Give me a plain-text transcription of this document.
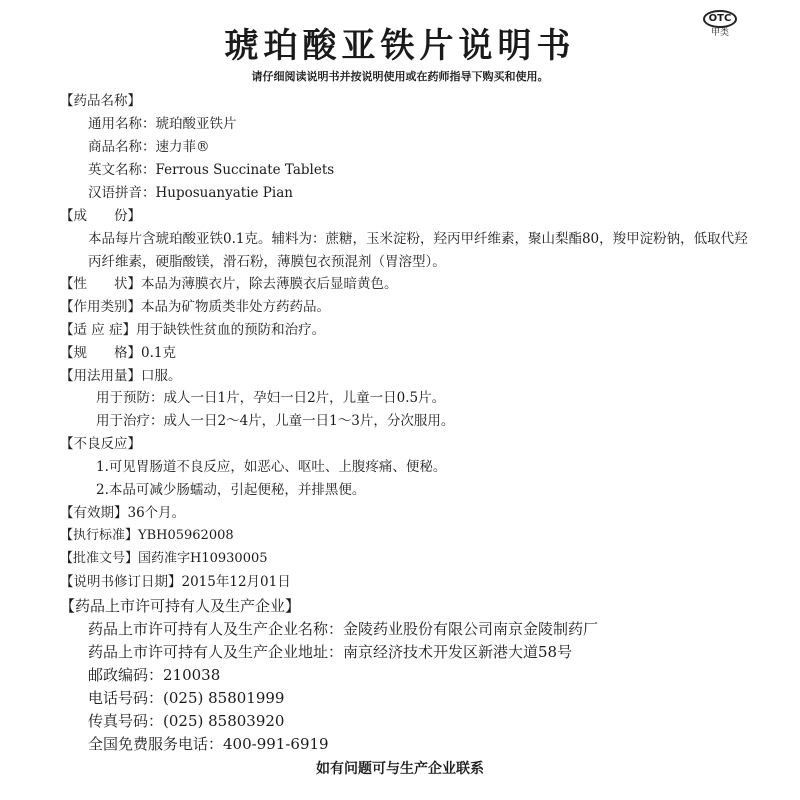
琥珀酸亚铁片说明书
OTC
甲类
请仔细阅读说明书并按说明使用或在药师指导下购买和使用。
【药品名称】
通用名称：琥珀酸亚铁片
商品名称：速力菲®
英文名称：Ferrous Succinate Tablets
汉语拼音：Huposuanyatie Pian
【成　　份】
本品每片含琥珀酸亚铁0.1克。辅料为：蔗糖，玉米淀粉，羟丙甲纤维素，聚山梨酯80，羧甲淀粉钠，低取代羟丙纤维素，硬脂酸镁，滑石粉，薄膜包衣预混剂（胃溶型）。
【性　　状】本品为薄膜衣片，除去薄膜衣后显暗黄色。
【作用类别】本品为矿物质类非处方药药品。
【适 应 症】用于缺铁性贫血的预防和治疗。
【规　　格】0.1克
【用法用量】口服。
用于预防：成人一日1片，孕妇一日2片，儿童一日0.5片。
用于治疗：成人一日2～4片，儿童一日1～3片，分次服用。
【不良反应】
1.可见胃肠道不良反应，如恶心、呕吐、上腹疼痛、便秘。
2.本品可减少肠蠕动，引起便秘，并排黑便。
【有效期】36个月。
【执行标准】YBH05962008
【批准文号】国药准字H10930005
【说明书修订日期】2015年12月01日
【药品上市许可持有人及生产企业】
药品上市许可持有人及生产企业名称：金陵药业股份有限公司南京金陵制药厂
药品上市许可持有人及生产企业地址：南京经济技术开发区新港大道58号
邮政编码：210038
电话号码：(025) 85801999
传真号码：(025) 85803920
全国免费服务电话：400-991-6919
如有问题可与生产企业联系
